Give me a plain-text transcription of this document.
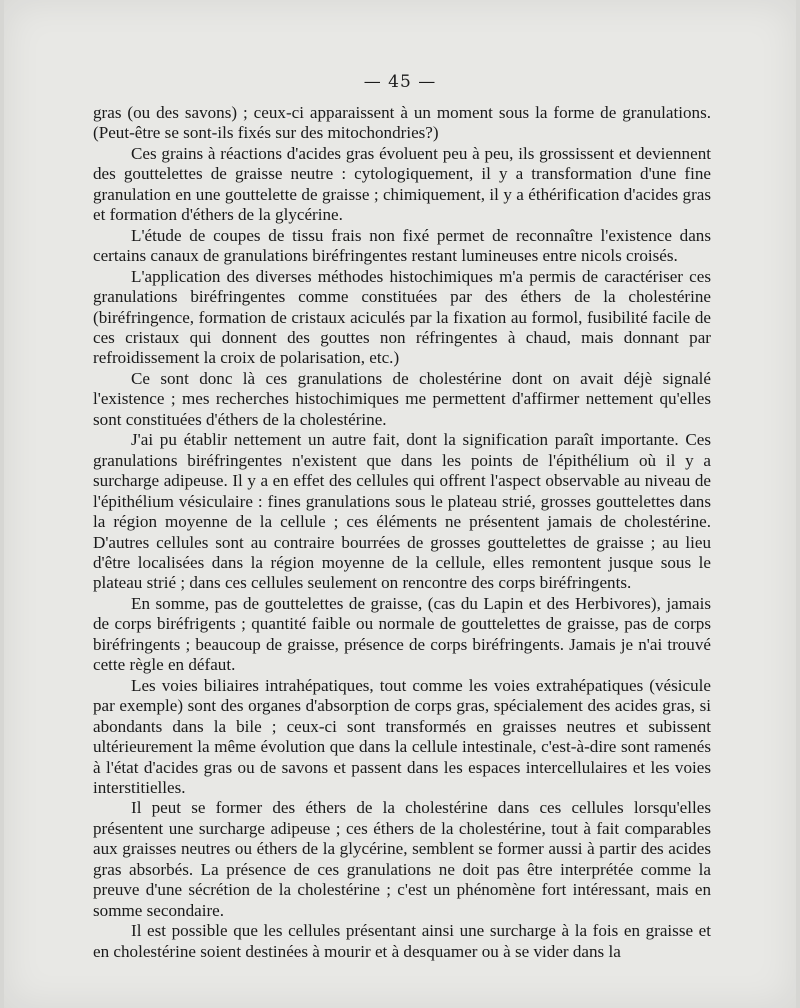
— 45 —

gras (ou des savons) ; ceux-ci apparaissent à un moment sous la forme de granulations. (Peut-être se sont-ils fixés sur des mitochondries?)

Ces grains à réactions d'acides gras évoluent peu à peu, ils grossissent et deviennent des gouttelettes de graisse neutre : cytologiquement, il y a transformation d'une fine granulation en une gouttelette de graisse ; chimiquement, il y a éthérification d'acides gras et formation d'éthers de la glycérine.

L'étude de coupes de tissu frais non fixé permet de reconnaître l'existence dans certains canaux de granulations biréfringentes restant lumineuses entre nicols croisés.

L'application des diverses méthodes histochimiques m'a permis de caractériser ces granulations biréfringentes comme constituées par des éthers de la cholestérine (biréfringence, formation de cristaux aciculés par la fixation au formol, fusibilité facile de ces cristaux qui donnent des gouttes non réfringentes à chaud, mais donnant par refroidissement la croix de polarisation, etc.)

Ce sont donc là ces granulations de cholestérine dont on avait déjè signalé l'existence ; mes recherches histochimiques me permettent d'affirmer nettement qu'elles sont constituées d'éthers de la cholestérine.

J'ai pu établir nettement un autre fait, dont la signification paraît importante. Ces granulations biréfringentes n'existent que dans les points de l'épithélium où il y a surcharge adipeuse. Il y a en effet des cellules qui offrent l'aspect observable au niveau de l'épithélium vésiculaire : fines granulations sous le plateau strié, grosses gouttelettes dans la région moyenne de la cellule ; ces éléments ne présentent jamais de cholestérine. D'autres cellules sont au contraire bourrées de grosses gouttelettes de graisse ; au lieu d'être localisées dans la région moyenne de la cellule, elles remontent jusque sous le plateau strié ; dans ces cellules seulement on rencontre des corps biréfringents.

En somme, pas de gouttelettes de graisse, (cas du Lapin et des Herbivores), jamais de corps biréfrigents ; quantité faible ou normale de gouttelettes de graisse, pas de corps biréfringents ; beaucoup de graisse, présence de corps biréfringents. Jamais je n'ai trouvé cette règle en défaut.

Les voies biliaires intrahépatiques, tout comme les voies extrahépatiques (vésicule par exemple) sont des organes d'absorption de corps gras, spécialement des acides gras, si abondants dans la bile ; ceux-ci sont transformés en graisses neutres et subissent ultérieurement la même évolution que dans la cellule intestinale, c'est-à-dire sont ramenés à l'état d'acides gras ou de savons et passent dans les espaces intercellulaires et les voies interstitielles.

Il peut se former des éthers de la cholestérine dans ces cellules lorsqu'elles présentent une surcharge adipeuse ; ces éthers de la cholestérine, tout à fait comparables aux graisses neutres ou éthers de la glycérine, semblent se former aussi à partir des acides gras absorbés. La présence de ces granulations ne doit pas être interprétée comme la preuve d'une sécrétion de la cholestérine ; c'est un phénomène fort intéressant, mais en somme secondaire.

Il est possible que les cellules présentant ainsi une surcharge à la fois en graisse et en cholestérine soient destinées à mourir et à desquamer ou à se vider dans la
